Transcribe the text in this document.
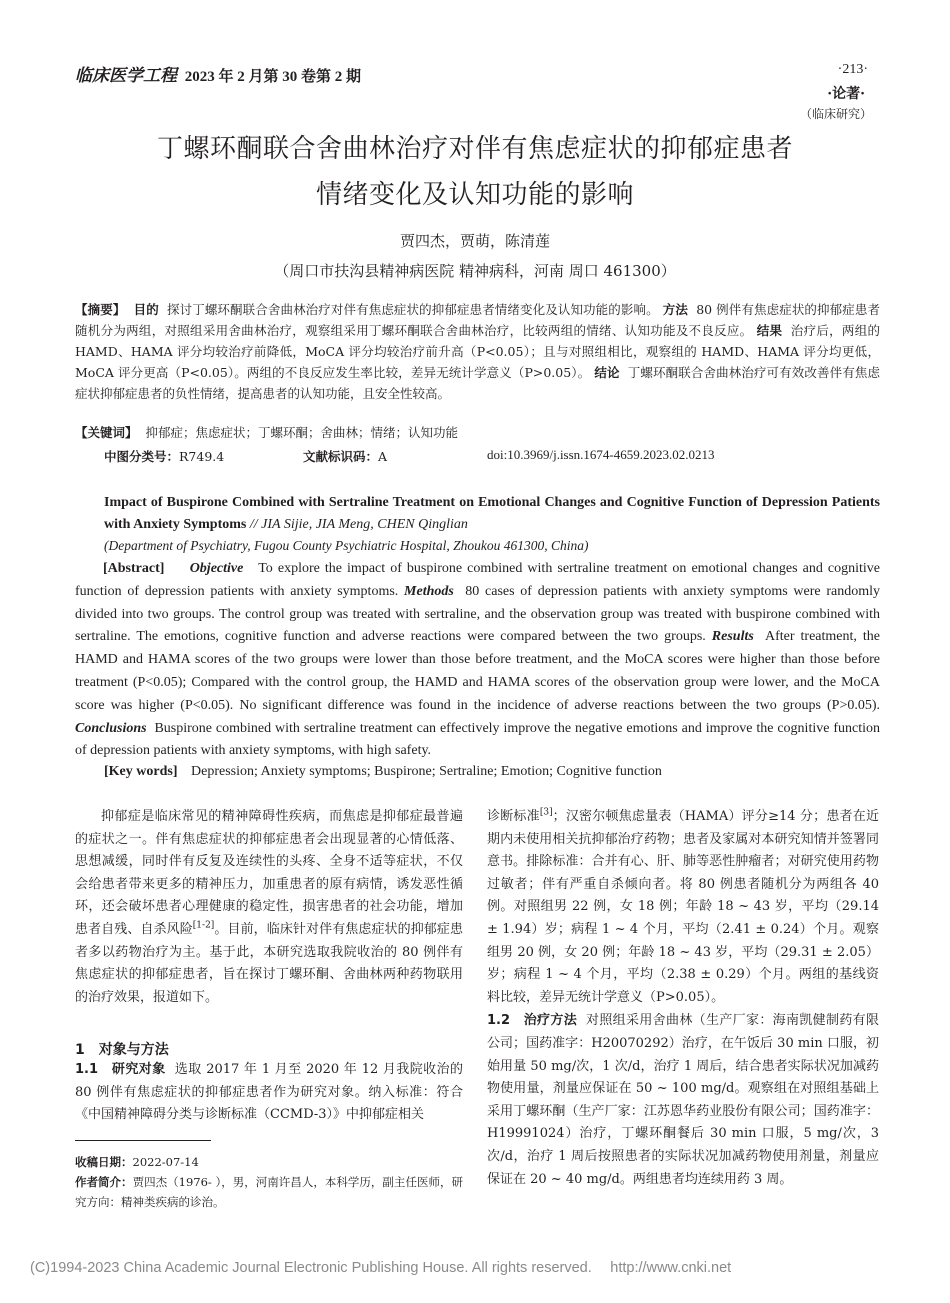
临床医学工程 2023 年 2 月第 30 卷第 2 期	·213·
·论著·
（临床研究）
丁螺环酮联合舍曲林治疗对伴有焦虑症状的抑郁症患者
情绪变化及认知功能的影响
贾四杰，贾萌，陈清莲
（周口市扶沟县精神病医院 精神病科，河南 周口 461300）
【摘要】 目的 探讨丁螺环酮联合舍曲林治疗对伴有焦虑症状的抑郁症患者情绪变化及认知功能的影响。 方法 80 例伴有焦虑症状的抑郁症患者随机分为两组，对照组采用舍曲林治疗，观察组采用丁螺环酮联合舍曲林治疗，比较两组的情绪、认知功能及不良反应。 结果 治疗后，两组的 HAMD、HAMA 评分均较治疗前降低，MoCA 评分均较治疗前升高（P<0.05）；且与对照组相比，观察组的 HAMD、HAMA 评分均更低，MoCA 评分更高（P<0.05）。两组的不良反应发生率比较，差异无统计学意义（P>0.05）。 结论 丁螺环酮联合舍曲林治疗可有效改善伴有焦虑症状抑郁症患者的负性情绪，提高患者的认知功能，且安全性较高。
【关键词】 抑郁症；焦虑症状；丁螺环酮；舍曲林；情绪；认知功能
中图分类号：R749.4	文献标识码：A	doi:10.3969/j.issn.1674-4659.2023.02.0213
Impact of Buspirone Combined with Sertraline Treatment on Emotional Changes and Cognitive Function of Depression Patients with Anxiety Symptoms // JIA Sijie, JIA Meng, CHEN Qinglian
(Department of Psychiatry, Fugou County Psychiatric Hospital, Zhoukou 461300, China)
[Abstract] Objective To explore the impact of buspirone combined with sertraline treatment on emotional changes and cognitive function of depression patients with anxiety symptoms. Methods 80 cases of depression patients with anxiety symptoms were randomly divided into two groups. The control group was treated with sertraline, and the observation group was treated with buspirone combined with sertraline. The emotions, cognitive function and adverse reactions were compared between the two groups. Results After treatment, the HAMD and HAMA scores of the two groups were lower than those before treatment, and the MoCA scores were higher than those before treatment (P<0.05); Compared with the control group, the HAMD and HAMA scores of the observation group were lower, and the MoCA score was higher (P<0.05). No significant difference was found in the incidence of adverse reactions between the two groups (P>0.05). Conclusions Buspirone combined with sertraline treatment can effectively improve the negative emotions and improve the cognitive function of depression patients with anxiety symptoms, with high safety.
[Key words] Depression; Anxiety symptoms; Buspirone; Sertraline; Emotion; Cognitive function

抑郁症是临床常见的精神障碍性疾病，而焦虑是抑郁症最普遍的症状之一。伴有焦虑症状的抑郁症患者会出现显著的心情低落、思想减缓，同时伴有反复及连续性的头疼、全身不适等症状，不仅会给患者带来更多的精神压力，加重患者的原有病情，诱发恶性循环，还会破坏患者心理健康的稳定性，损害患者的社会功能，增加患者自残、自杀风险[1-2]。目前，临床针对伴有焦虑症状的抑郁症患者多以药物治疗为主。基于此，本研究选取我院收治的 80 例伴有焦虑症状的抑郁症患者，旨在探讨丁螺环酮、舍曲林两种药物联用的治疗效果，报道如下。

1　对象与方法

1.1　研究对象 选取 2017 年 1 月至 2020 年 12 月我院收治的 80 例伴有焦虑症状的抑郁症患者作为研究对象。纳入标准：符合《中国精神障碍分类与诊断标准（CCMD-3）》中抑郁症相关

收稿日期：2022-07-14
作者简介：贾四杰（1976- ），男，河南许昌人，本科学历，副主任医师，研究方向：精神类疾病的诊治。

诊断标准[3]；汉密尔顿焦虑量表（HAMA）评分≥14 分；患者在近期内未使用相关抗抑郁治疗药物；患者及家属对本研究知情并签署同意书。排除标准：合并有心、肝、肺等恶性肿瘤者；对研究使用药物过敏者；伴有严重自杀倾向者。将 80 例患者随机分为两组各 40 例。对照组男 22 例，女 18 例；年龄 18 ~ 43 岁，平均（29.14 ± 1.94）岁；病程 1 ~ 4 个月，平均（2.41 ± 0.24）个月。观察组男 20 例，女 20 例；年龄 18 ~ 43 岁，平均（29.31 ± 2.05）岁；病程 1 ~ 4 个月，平均（2.38 ± 0.29）个月。两组的基线资料比较，差异无统计学意义（P>0.05）。

1.2　治疗方法 对照组采用舍曲林（生产厂家：海南凯健制药有限公司；国药准字：H20070292）治疗，在午饭后 30 min 口服，初始用量 50 mg/次，1 次/d，治疗 1 周后，结合患者实际状况加减药物使用量，剂量应保证在 50 ~ 100 mg/d。观察组在对照组基础上采用丁螺环酮（生产厂家：江苏恩华药业股份有限公司；国药准字：H19991024）治疗，丁螺环酮餐后 30 min 口服，5 mg/次，3 次/d，治疗 1 周后按照患者的实际状况加减药物使用剂量，剂量应保证在 20 ~ 40 mg/d。两组患者均连续用药 3 周。

(C)1994-2023 China Academic Journal Electronic Publishing House. All rights reserved.　 http://www.cnki.net
